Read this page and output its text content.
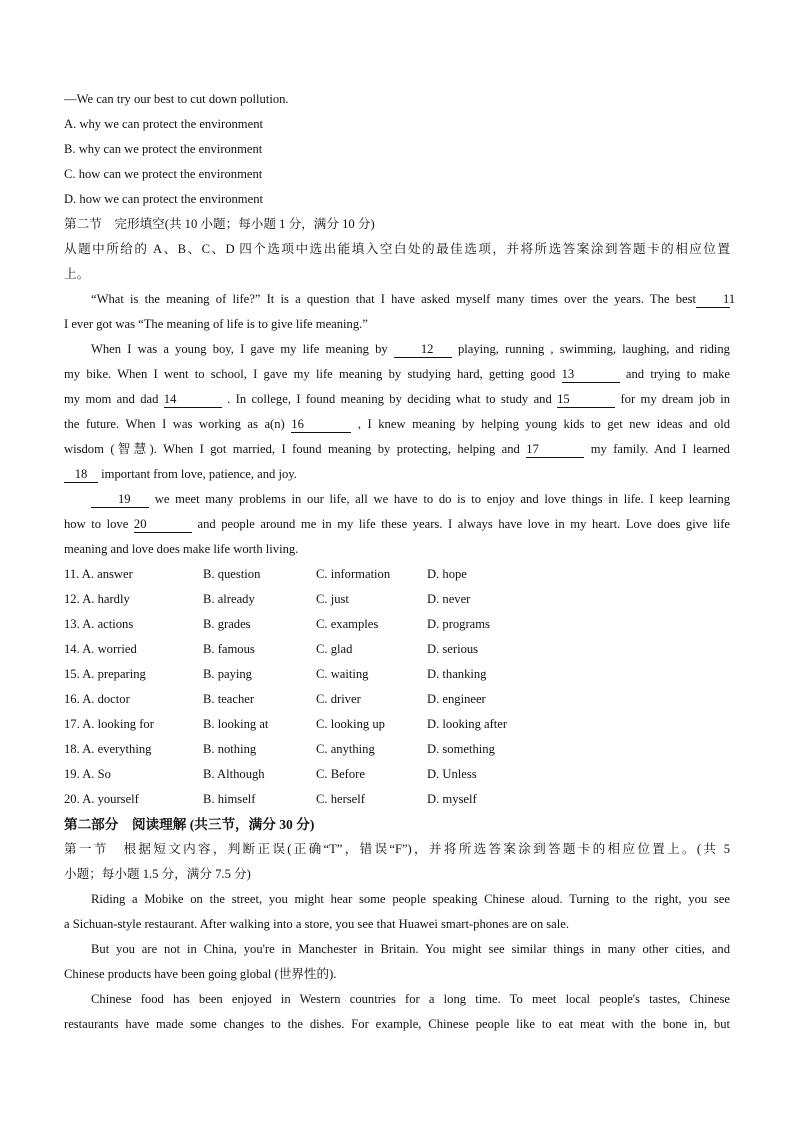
—We can try our best to cut down pollution.
A. why we can protect the environment
B. why can we protect the environment
C. how can we protect the environment
D. how we can protect the environment
第二节　完形填空(共 10 小题；每小题 1 分，满分 10 分)
从题中所给的 A、B、C、D 四个选项中选出能填入空白处的最佳选项，并将所选答案涂到答题卡的相应位置
上。
“What is the meaning of life?” It is a question that I have asked myself many times over the years. The best 11
I ever got was “The meaning of life is to give life meaning.”
When I was a young boy, I gave my life meaning by	12 playing, running , swimming, laughing, and riding
my bike. When I went to school, I gave my life meaning by studying hard, getting good 13	and trying to make
my mom and dad 14	. In college, I found meaning by deciding what to study and 15	for my dream job in
the future. When I was working as a(n) 16	, I knew meaning by helping young kids to get new ideas and old
wisdom (智慧). When I got married, I found meaning by protecting, helping and 17	my family. And I learned
18 important from love, patience, and joy.
19 we meet many problems in our life, all we have to do is to enjoy and love things in life. I keep learning
how to love 20	and people around me in my life these years. I always have love in my heart. Love does give life
meaning and love does make life worth living.
11. A. answer	B. question	C. information	D. hope
12. A. hardly	B. already	C. just	D. never
13. A. actions	B. grades	C. examples	D. programs
14. A. worried	B. famous	C. glad	D. serious
15. A. preparing	B. paying	C. waiting	D. thanking
16. A. doctor	B. teacher	C. driver	D. engineer
17. A. looking for	B. looking at	C. looking up	D. looking after
18. A. everything	B. nothing	C. anything	D. something
19. A. So	B. Although	C. Before	D. Unless
20. A. yourself	B. himself	C. herself	D. myself
第二部分　阅读理解 (共三节，满分 30 分)
第一节　根据短文内容，判断正误(正确“T”，错误“F”)，并将所选答案涂到答题卡的相应位置上。(共 5
小题；每小题 1.5 分，满分 7.5 分)
Riding a Mobike on the street, you might hear some people speaking Chinese aloud. Turning to the right, you see
a Sichuan-style restaurant. After walking into a store, you see that Huawei smart-phones are on sale.
But you are not in China, you're in Manchester in Britain. You might see similar things in many other cities, and
Chinese products have been going global (世界性的).
Chinese food has been enjoyed in Western countries for a long time. To meet local people's tastes, Chinese
restaurants have made some changes to the dishes. For example, Chinese people like to eat meat with the bone in, but
